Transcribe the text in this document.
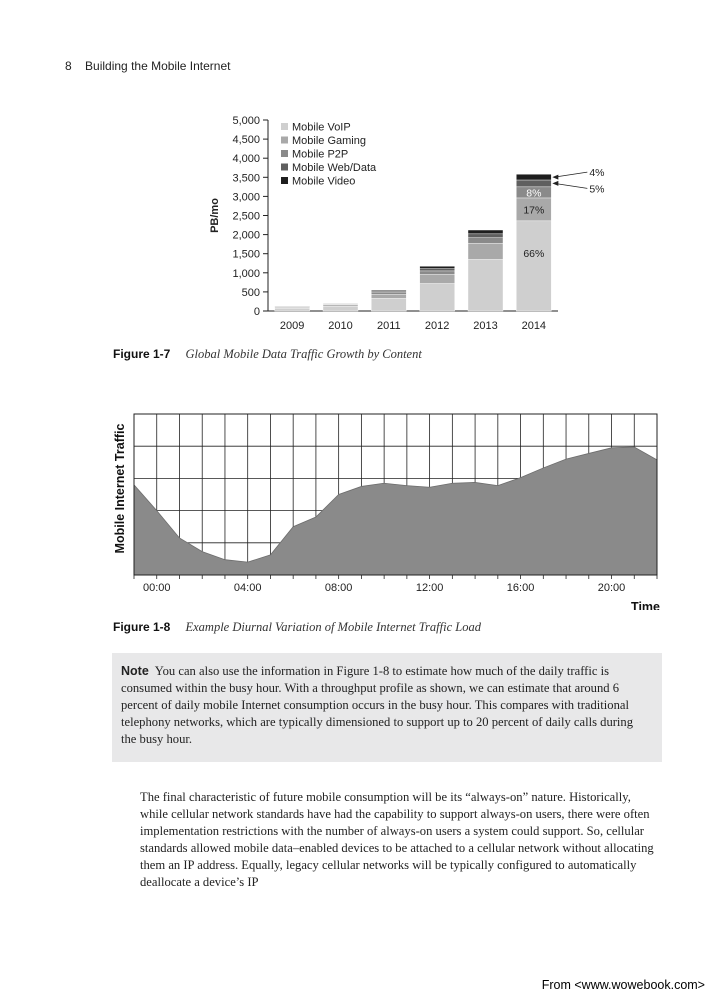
8 Building the Mobile Internet
PB/mo
0
500
1,000
1,500
2,000
2,500
3,000
3,500
4,000
4,500
5,000
2009 2010 2011 2012 2013 2014
Mobile VoIP
Mobile Gaming
Mobile P2P
Mobile Web/Data
Mobile Video
66%
17%
8%	5%
4%
Figure 1-7 Global Mobile Data Traffic Growth by Content
00:00	04:00	08:00	12:00	16:00	20:00
Time
Mobile Internet Traffic
Figure 1-8 Example Diurnal Variation of Mobile Internet Traffic Load
Note You can also use the information in Figure 1-8 to estimate how much of the daily traffic is consumed within the busy hour. With a throughput profile as shown, we can estimate that around 6 percent of daily mobile Internet consumption occurs in the busy hour. This compares with traditional telephony networks, which are typically dimensioned to support up to 20 percent of daily calls during the busy hour.
The final characteristic of future mobile consumption will be its “always-on” nature. Historically, while cellular network standards have had the capability to support always-on users, there were often implementation restrictions with the number of always-on users a system could support. So, cellular standards allowed mobile data–enabled devices to be attached to a cellular network without allocating them an IP address. Equally, legacy cellular networks will be typically configured to automatically deallocate a device’s IP
From <www.wowebook.com>
